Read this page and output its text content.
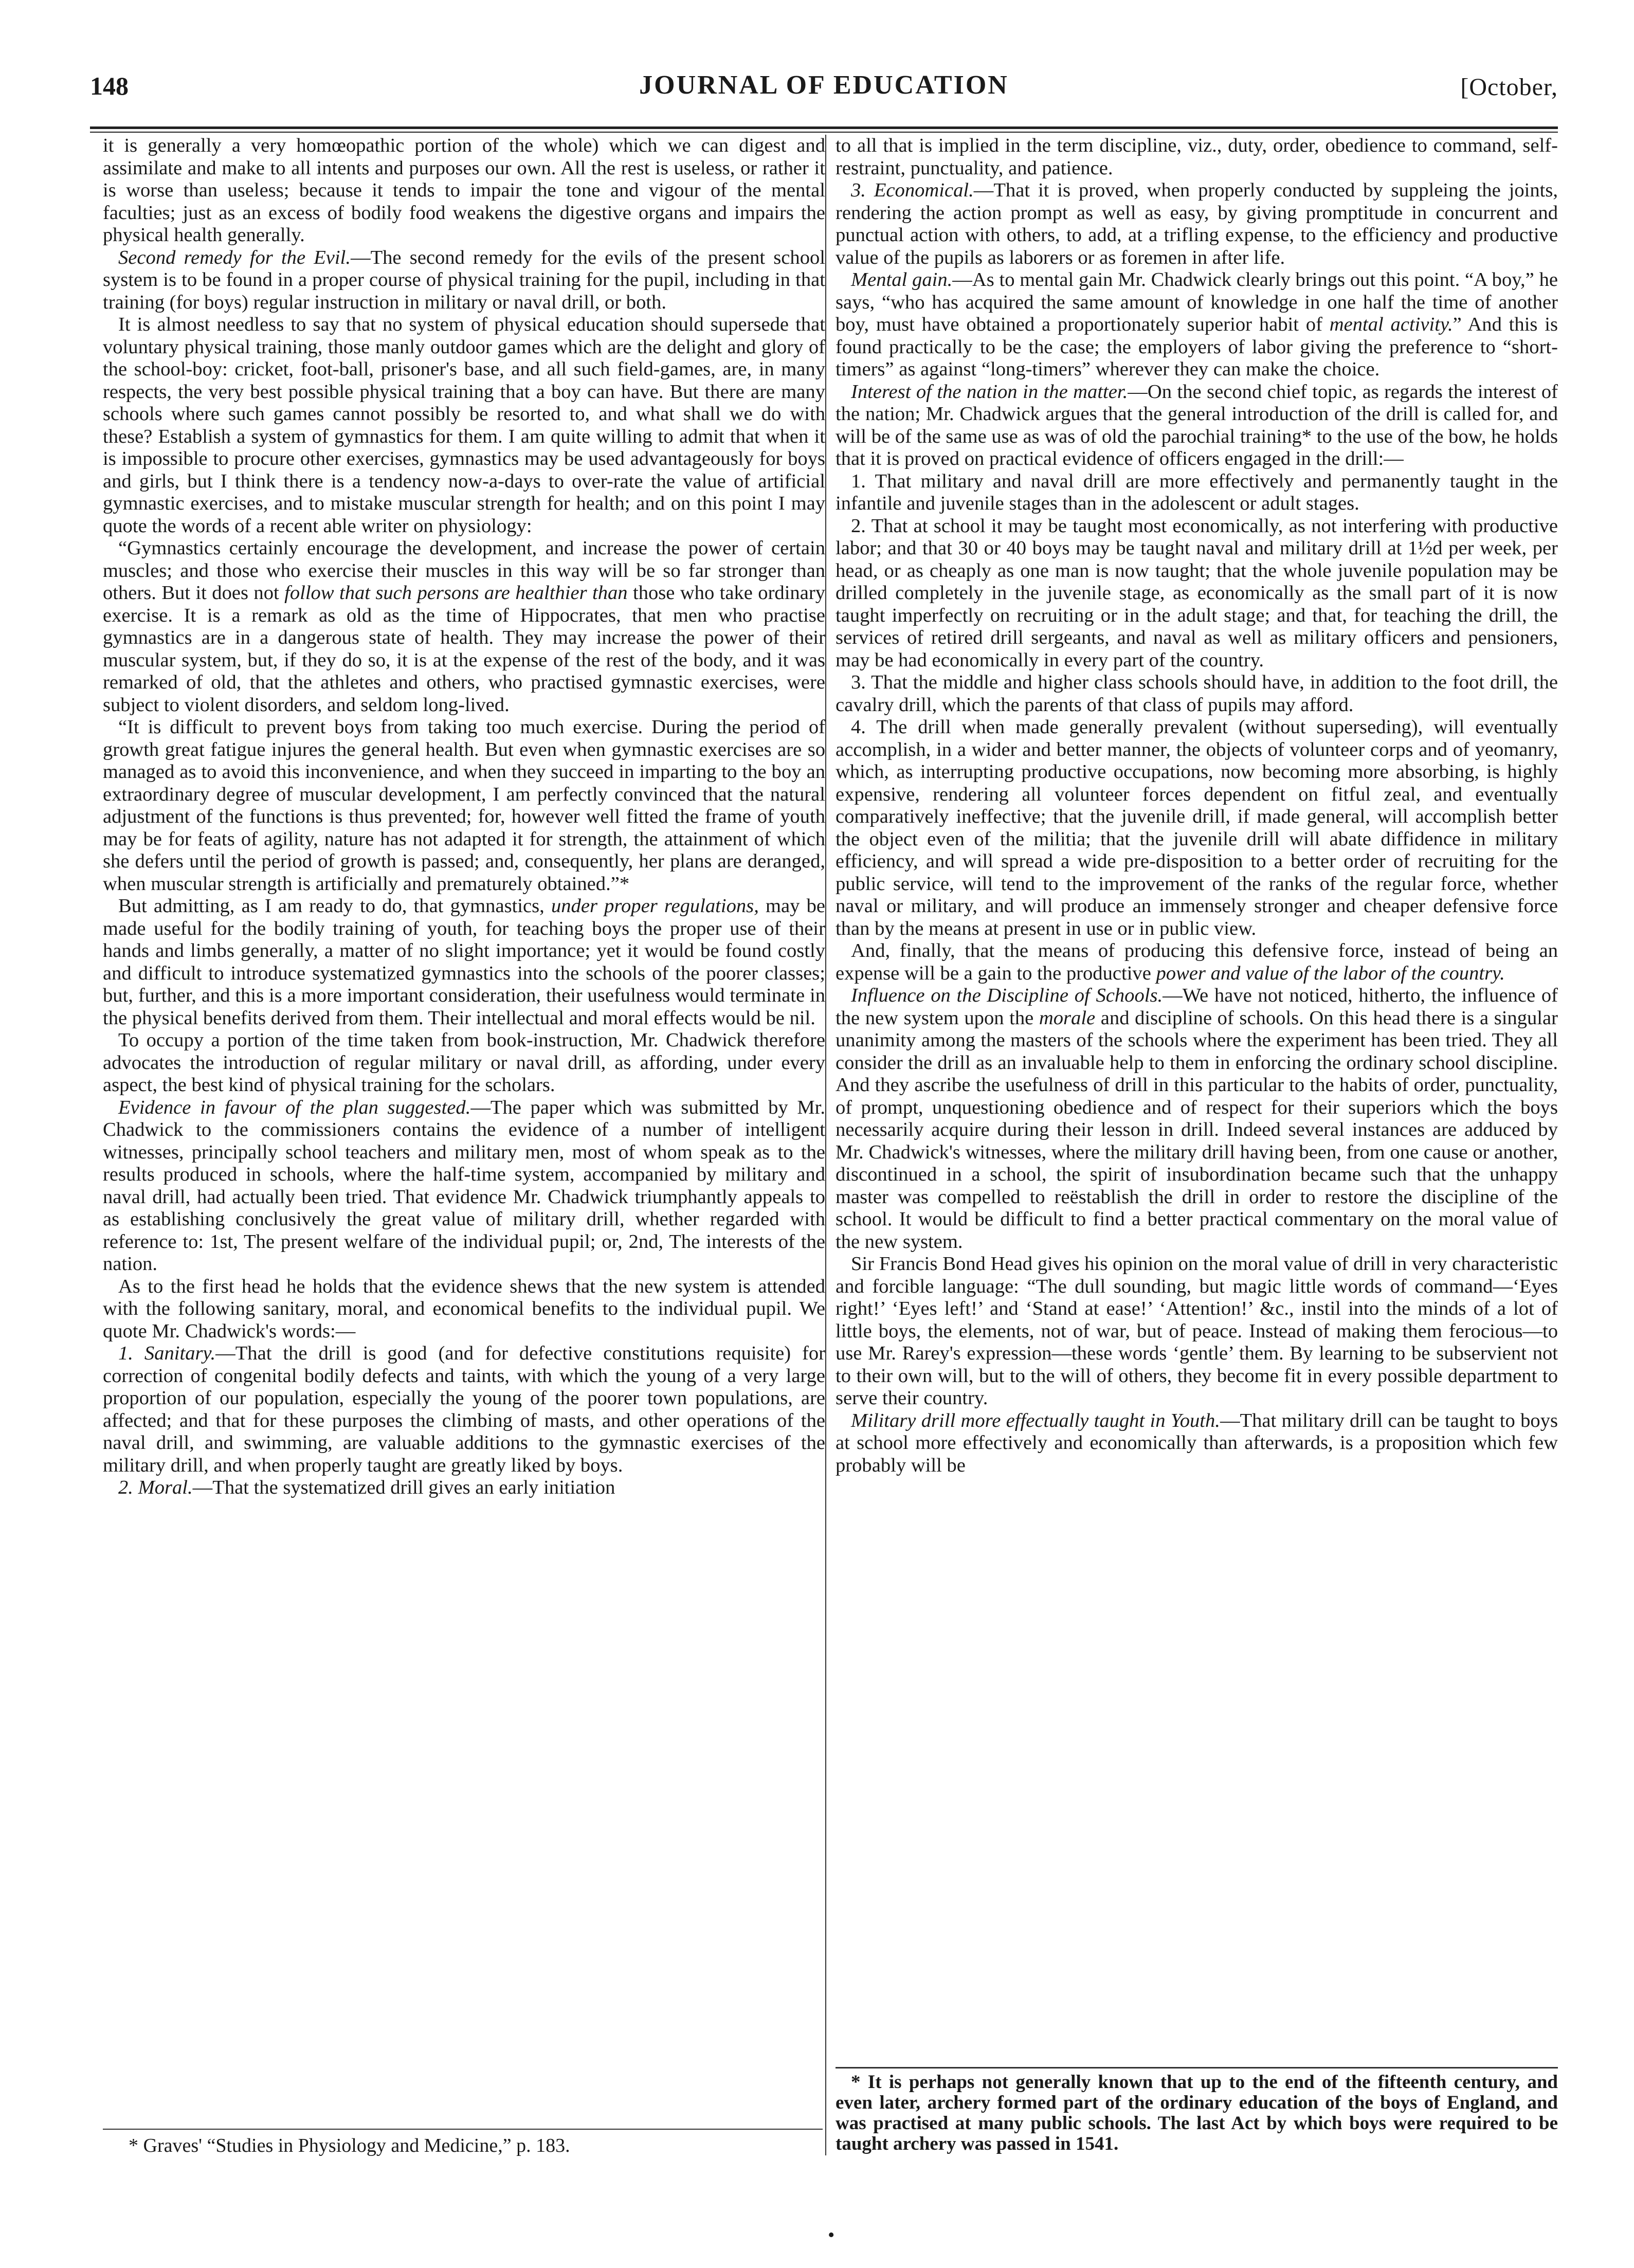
148	JOURNAL OF EDUCATION	[October,

it is generally a very homœopathic portion of the whole) which we can digest and assimilate and make to all intents and purposes our own. All the rest is useless, or rather it is worse than useless; because it tends to impair the tone and vigour of the mental faculties; just as an excess of bodily food weakens the digestive organs and impairs the physical health generally.

Second remedy for the Evil.—The second remedy for the evils of the present school system is to be found in a proper course of physical training for the pupil, including in that training (for boys) regular instruction in military or naval drill, or both.

It is almost needless to say that no system of physical education should supersede that voluntary physical training, those manly outdoor games which are the delight and glory of the school-boy: cricket, foot-ball, prisoner's base, and all such field-games, are, in many respects, the very best possible physical training that a boy can have. But there are many schools where such games cannot possibly be resorted to, and what shall we do with these? Establish a system of gymnastics for them. I am quite willing to admit that when it is impossible to procure other exercises, gymnastics may be used advantageously for boys and girls, but I think there is a tendency now-a-days to over-rate the value of artificial gymnastic exercises, and to mistake muscular strength for health; and on this point I may quote the words of a recent able writer on physiology:

“Gymnastics certainly encourage the development, and increase the power of certain muscles; and those who exercise their muscles in this way will be so far stronger than others. But it does not follow that such persons are healthier than those who take ordinary exercise. It is a remark as old as the time of Hippocrates, that men who practise gymnastics are in a dangerous state of health. They may increase the power of their muscular system, but, if they do so, it is at the expense of the rest of the body, and it was remarked of old, that the athletes and others, who practised gymnastic exercises, were subject to violent disorders, and seldom long-lived.

“It is difficult to prevent boys from taking too much exercise. During the period of growth great fatigue injures the general health. But even when gymnastic exercises are so managed as to avoid this inconvenience, and when they succeed in imparting to the boy an extraordinary degree of muscular development, I am perfectly convinced that the natural adjustment of the functions is thus prevented; for, however well fitted the frame of youth may be for feats of agility, nature has not adapted it for strength, the attainment of which she defers until the period of growth is passed; and, consequently, her plans are deranged, when muscular strength is artificially and prematurely obtained.”*

But admitting, as I am ready to do, that gymnastics, under proper regulations, may be made useful for the bodily training of youth, for teaching boys the proper use of their hands and limbs generally, a matter of no slight importance; yet it would be found costly and difficult to introduce systematized gymnastics into the schools of the poorer classes; but, further, and this is a more important consideration, their usefulness would terminate in the physical benefits derived from them. Their intellectual and moral effects would be nil.

To occupy a portion of the time taken from book-instruction, Mr. Chadwick therefore advocates the introduction of regular military or naval drill, as affording, under every aspect, the best kind of physical training for the scholars.

Evidence in favour of the plan suggested.—The paper which was submitted by Mr. Chadwick to the commissioners contains the evidence of a number of intelligent witnesses, principally school teachers and military men, most of whom speak as to the results produced in schools, where the half-time system, accompanied by military and naval drill, had actually been tried. That evidence Mr. Chadwick triumphantly appeals to as establishing conclusively the great value of military drill, whether regarded with reference to: 1st, The present welfare of the individual pupil; or, 2nd, The interests of the nation.

As to the first head he holds that the evidence shews that the new system is attended with the following sanitary, moral, and economical benefits to the individual pupil. We quote Mr. Chadwick's words:—

1. Sanitary.—That the drill is good (and for defective constitutions requisite) for correction of congenital bodily defects and taints, with which the young of a very large proportion of our population, especially the young of the poorer town populations, are affected; and that for these purposes the climbing of masts, and other operations of the naval drill, and swimming, are valuable additions to the gymnastic exercises of the military drill, and when properly taught are greatly liked by boys.

2. Moral.—That the systematized drill gives an early initiation

to all that is implied in the term discipline, viz., duty, order, obedience to command, self-restraint, punctuality, and patience.

3. Economical.—That it is proved, when properly conducted by suppleing the joints, rendering the action prompt as well as easy, by giving promptitude in concurrent and punctual action with others, to add, at a trifling expense, to the efficiency and productive value of the pupils as laborers or as foremen in after life.

Mental gain.—As to mental gain Mr. Chadwick clearly brings out this point. “A boy,” he says, “who has acquired the same amount of knowledge in one half the time of another boy, must have obtained a proportionately superior habit of mental activity.” And this is found practically to be the case; the employers of labor giving the preference to “short-timers” as against “long-timers” wherever they can make the choice.

Interest of the nation in the matter.—On the second chief topic, as regards the interest of the nation; Mr. Chadwick argues that the general introduction of the drill is called for, and will be of the same use as was of old the parochial training* to the use of the bow, he holds that it is proved on practical evidence of officers engaged in the drill:—

1. That military and naval drill are more effectively and permanently taught in the infantile and juvenile stages than in the adolescent or adult stages.

2. That at school it may be taught most economically, as not interfering with productive labor; and that 30 or 40 boys may be taught naval and military drill at 1½d per week, per head, or as cheaply as one man is now taught; that the whole juvenile population may be drilled completely in the juvenile stage, as economically as the small part of it is now taught imperfectly on recruiting or in the adult stage; and that, for teaching the drill, the services of retired drill sergeants, and naval as well as military officers and pensioners, may be had economically in every part of the country.

3. That the middle and higher class schools should have, in addition to the foot drill, the cavalry drill, which the parents of that class of pupils may afford.

4. The drill when made generally prevalent (without superseding), will eventually accomplish, in a wider and better manner, the objects of volunteer corps and of yeomanry, which, as interrupting productive occupations, now becoming more absorbing, is highly expensive, rendering all volunteer forces dependent on fitful zeal, and eventually comparatively ineffective; that the juvenile drill, if made general, will accomplish better the object even of the militia; that the juvenile drill will abate diffidence in military efficiency, and will spread a wide pre-disposition to a better order of recruiting for the public service, will tend to the improvement of the ranks of the regular force, whether naval or military, and will produce an immensely stronger and cheaper defensive force than by the means at present in use or in public view.

And, finally, that the means of producing this defensive force, instead of being an expense will be a gain to the productive power and value of the labor of the country.

Influence on the Discipline of Schools.—We have not noticed, hitherto, the influence of the new system upon the morale and discipline of schools. On this head there is a singular unanimity among the masters of the schools where the experiment has been tried. They all consider the drill as an invaluable help to them in enforcing the ordinary school discipline. And they ascribe the usefulness of drill in this particular to the habits of order, punctuality, of prompt, unquestioning obedience and of respect for their superiors which the boys necessarily acquire during their lesson in drill. Indeed several instances are adduced by Mr. Chadwick's witnesses, where the military drill having been, from one cause or another, discontinued in a school, the spirit of insubordination became such that the unhappy master was compelled to reëstablish the drill in order to restore the discipline of the school. It would be difficult to find a better practical commentary on the moral value of the new system.

Sir Francis Bond Head gives his opinion on the moral value of drill in very characteristic and forcible language: “The dull sounding, but magic little words of command—‘Eyes right!’ ‘Eyes left!’ and ‘Stand at ease!’ ‘Attention!’ &c., instil into the minds of a lot of little boys, the elements, not of war, but of peace. Instead of making them ferocious—to use Mr. Rarey's expression—these words ‘gentle’ them. By learning to be subservient not to their own will, but to the will of others, they become fit in every possible department to serve their country.

Military drill more effectually taught in Youth.—That military drill can be taught to boys at school more effectively and economically than afterwards, is a proposition which few probably will be

* Graves' “Studies in Physiology and Medicine,” p. 183.
* It is perhaps not generally known that up to the end of the fifteenth century, and even later, archery formed part of the ordinary education of the boys of England, and was practised at many public schools. The last Act by which boys were required to be taught archery was passed in 1541.
•
